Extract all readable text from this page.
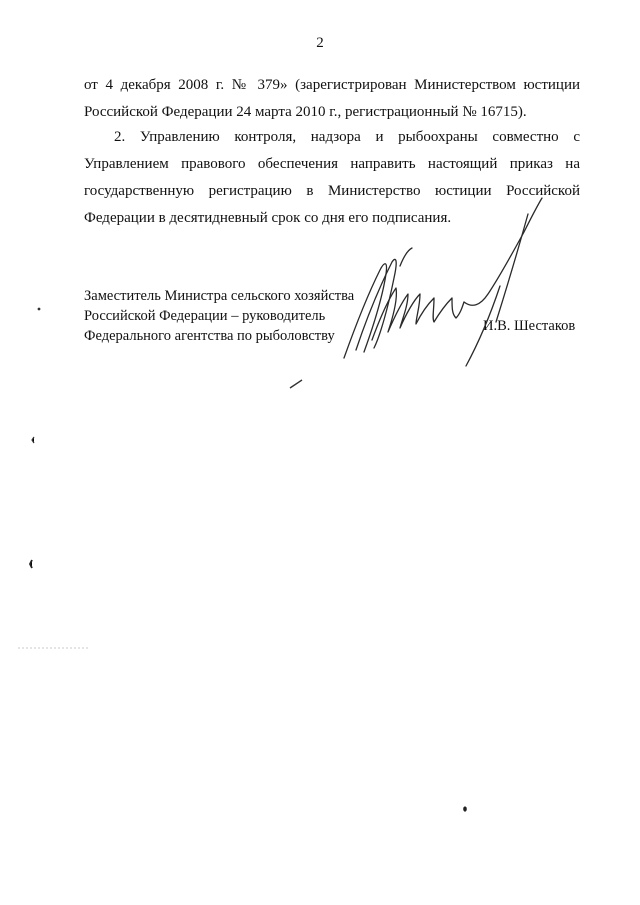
2
от 4 декабря 2008 г. № 379» (зарегистрирован Министерством юстиции
Российской Федерации 24 марта 2010 г., регистрационный № 16715).
2. Управлению контроля, надзора и рыбоохраны совместно с
Управлением правового обеспечения направить настоящий приказ на
государственную регистрацию в Министерство юстиции Российской
Федерации в десятидневный срок со дня его подписания.
Заместитель Министра сельского хозяйства
Российской Федерации – руководитель
Федерального агентства по рыболовству
И.В. Шестаков
